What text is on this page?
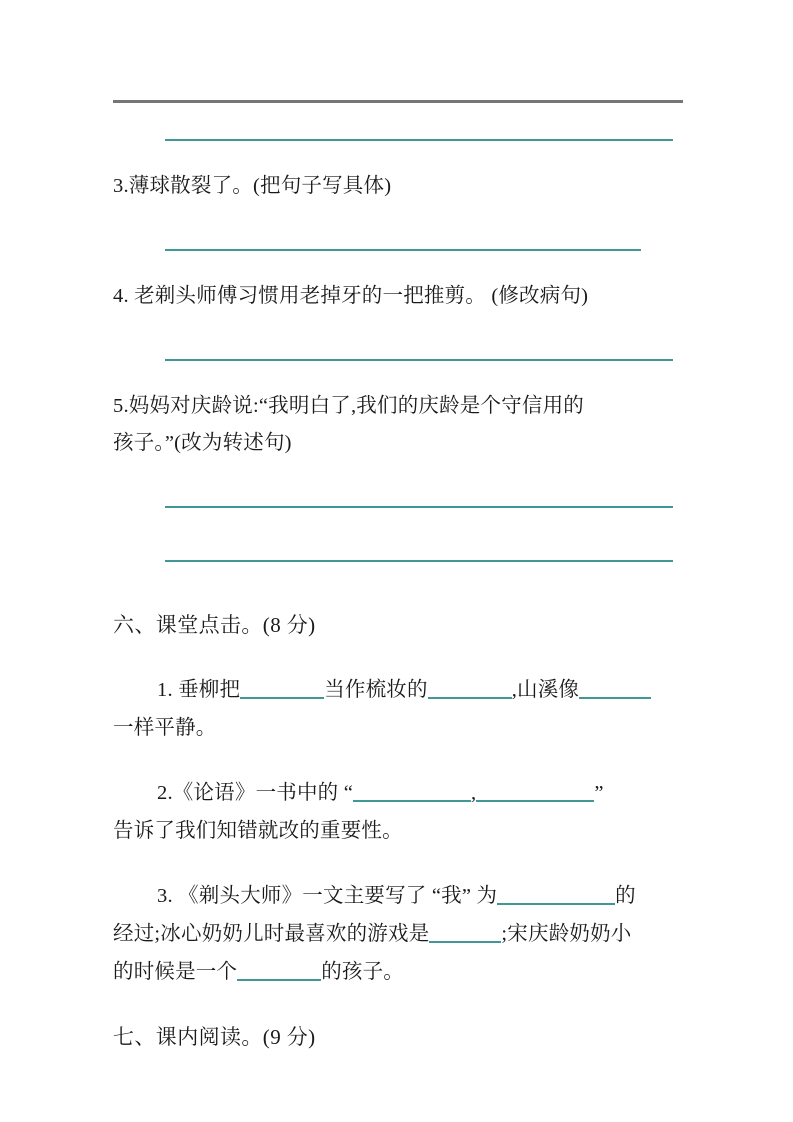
3.薄球散裂了。(把句子写具体)
4. 老剃头师傅习惯用老掉牙的一把推剪。 (修改病句)
5.妈妈对庆龄说:“我明白了,我们的庆龄是个守信用的
孩子。”(改为转述句)
六、课堂点击。(8 分)
1. 垂柳把	当作梳妆的	,山溪像
一样平静。
2.《论语》一书中的 “	,	”
告诉了我们知错就改的重要性。
3. 《剃头大师》一文主要写了 “我” 为	的
经过;冰心奶奶儿时最喜欢的游戏是	;宋庆龄奶奶小
的时候是一个	的孩子。
七、课内阅读。(9 分)
